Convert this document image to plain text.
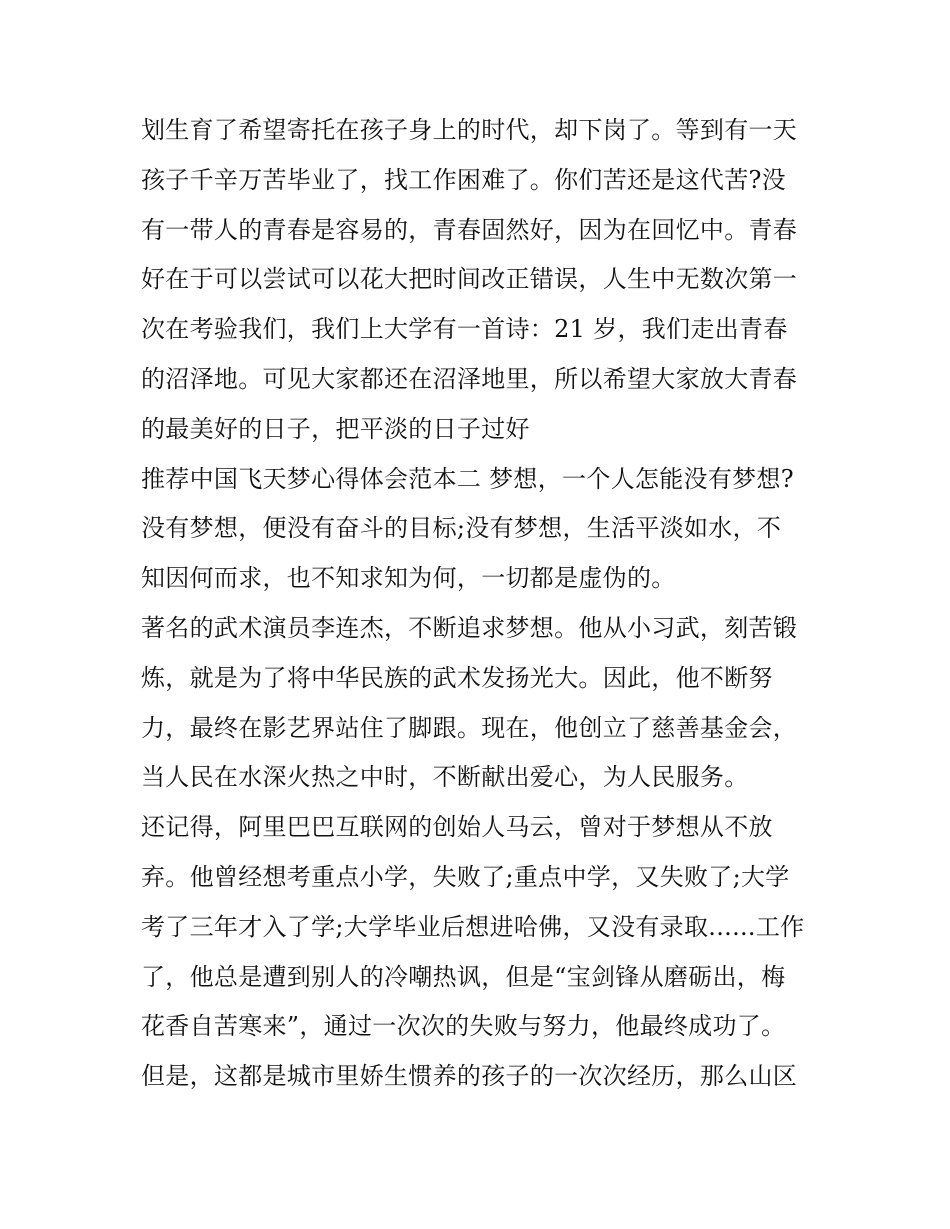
划生育了希望寄托在孩子身上的时代，却下岗了。等到有一天
孩子千辛万苦毕业了，找工作困难了。你们苦还是这代苦?没
有一带人的青春是容易的，青春固然好，因为在回忆中。青春
好在于可以尝试可以花大把时间改正错误，人生中无数次第一
次在考验我们，我们上大学有一首诗：21 岁，我们走出青春
的沼泽地。可见大家都还在沼泽地里，所以希望大家放大青春
的最美好的日子，把平淡的日子过好
推荐中国飞天梦心得体会范本二 梦想，一个人怎能没有梦想?
没有梦想，便没有奋斗的目标;没有梦想，生活平淡如水，不
知因何而求，也不知求知为何，一切都是虚伪的。
著名的武术演员李连杰，不断追求梦想。他从小习武，刻苦锻
炼，就是为了将中华民族的武术发扬光大。因此，他不断努
力，最终在影艺界站住了脚跟。现在，他创立了慈善基金会，
当人民在水深火热之中时，不断献出爱心，为人民服务。
还记得，阿里巴巴互联网的创始人马云，曾对于梦想从不放
弃。他曾经想考重点小学，失败了;重点中学，又失败了;大学
考了三年才入了学;大学毕业后想进哈佛，又没有录取......工作
了，他总是遭到别人的冷嘲热讽，但是“宝剑锋从磨砺出，梅
花香自苦寒来”，通过一次次的失败与努力，他最终成功了。
但是，这都是城市里娇生惯养的孩子的一次次经历，那么山区
